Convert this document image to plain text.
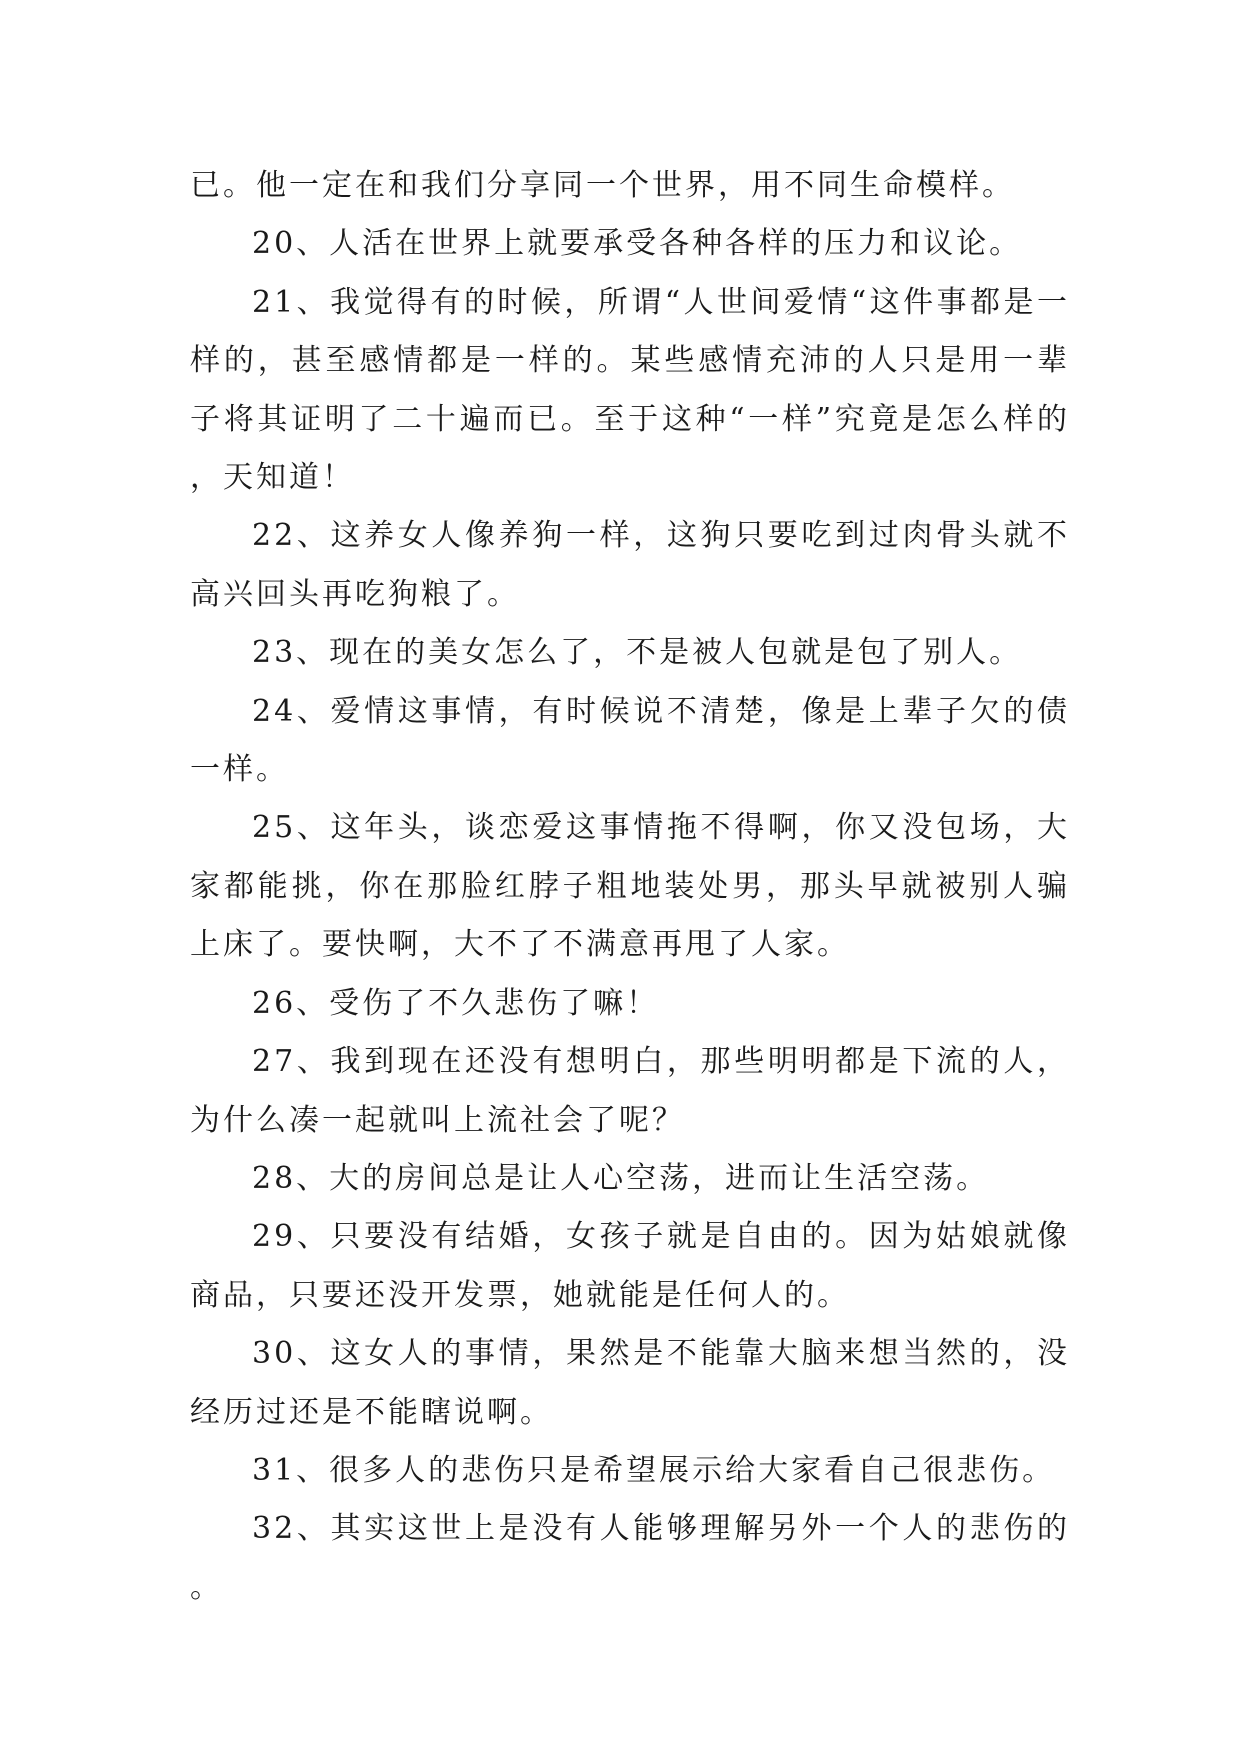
已。他一定在和我们分享同一个世界，用不同生命模样。

20、人活在世界上就要承受各种各样的压力和议论。

21、我觉得有的时候，所谓“人世间爱情“这件事都是一样的，甚至感情都是一样的。某些感情充沛的人只是用一辈子将其证明了二十遍而已。至于这种“一样”究竟是怎么样的，天知道！

22、这养女人像养狗一样，这狗只要吃到过肉骨头就不高兴回头再吃狗粮了。

23、现在的美女怎么了，不是被人包就是包了别人。

24、爱情这事情，有时候说不清楚，像是上辈子欠的债一样。

25、这年头，谈恋爱这事情拖不得啊，你又没包场，大家都能挑，你在那脸红脖子粗地装处男，那头早就被别人骗上床了。要快啊，大不了不满意再甩了人家。

26、受伤了不久悲伤了嘛！

27、我到现在还没有想明白，那些明明都是下流的人，为什么凑一起就叫上流社会了呢？

28、大的房间总是让人心空荡，进而让生活空荡。

29、只要没有结婚，女孩子就是自由的。因为姑娘就像商品，只要还没开发票，她就能是任何人的。

30、这女人的事情，果然是不能靠大脑来想当然的，没经历过还是不能瞎说啊。

31、很多人的悲伤只是希望展示给大家看自己很悲伤。

32、其实这世上是没有人能够理解另外一个人的悲伤的。
